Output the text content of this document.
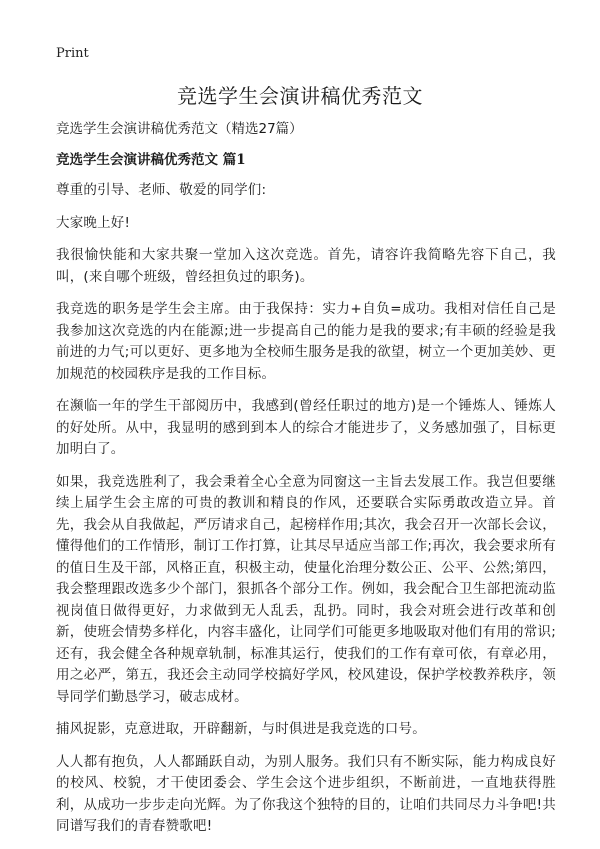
Print
竞选学生会演讲稿优秀范文

竞选学生会演讲稿优秀范文（精选27篇）

竞选学生会演讲稿优秀范文 篇1

尊重的引导、老师、敬爱的同学们:

大家晚上好!

我很愉快能和大家共聚一堂加入这次竞选。首先，请容许我简略先容下自己，我叫，(来自哪个班级，曾经担负过的职务)。

我竞选的职务是学生会主席。由于我保持：实力+自负=成功。我相对信任自己是我参加这次竞选的内在能源;进一步提高自己的能力是我的要求;有丰硕的经验是我前进的力气;可以更好、更多地为全校师生服务是我的欲望，树立一个更加美妙、更加规范的校园秩序是我的工作目标。

在濒临一年的学生干部阅历中，我感到(曾经任职过的地方)是一个锤炼人、锤炼人的好处所。从中，我显明的感到到本人的综合才能进步了，义务感加强了，目标更加明白了。

如果，我竞选胜利了，我会秉着全心全意为同窗这一主旨去发展工作。我岂但要继续上届学生会主席的可贵的教训和精良的作风，还要联合实际勇敢改造立异。首先，我会从自我做起，严厉请求自己，起榜样作用;其次，我会召开一次部长会议，懂得他们的工作情形，制订工作打算，让其尽早适应当部工作;再次，我会要求所有的值日生及干部，风格正直，积极主动，使量化治理分数公正、公平、公然;第四，我会整理跟改选多少个部门，狠抓各个部分工作。例如，我会配合卫生部把流动监视岗值日做得更好，力求做到无人乱丢，乱扔。同时，我会对班会进行改革和创新，使班会情势多样化，内容丰盛化，让同学们可能更多地吸取对他们有用的常识;还有，我会健全各种规章轨制，标准其运行，使我们的工作有章可依，有章必用，用之必严，第五，我还会主动同学校搞好学风，校风建设，保护学校教养秩序，领导同学们勤恳学习，破志成材。

捕风捉影，克意进取，开辟翻新，与时俱进是我竞选的口号。

人人都有抱负，人人都踊跃自动，为别人服务。我们只有不断实际，能力构成良好的校风、校貌，才干使团委会、学生会这个进步组织，不断前进，一直地获得胜利，从成功一步步走向光辉。为了你我这个独特的目的，让咱们共同尽力斗争吧!共同谱写我们的青春赞歌吧!
